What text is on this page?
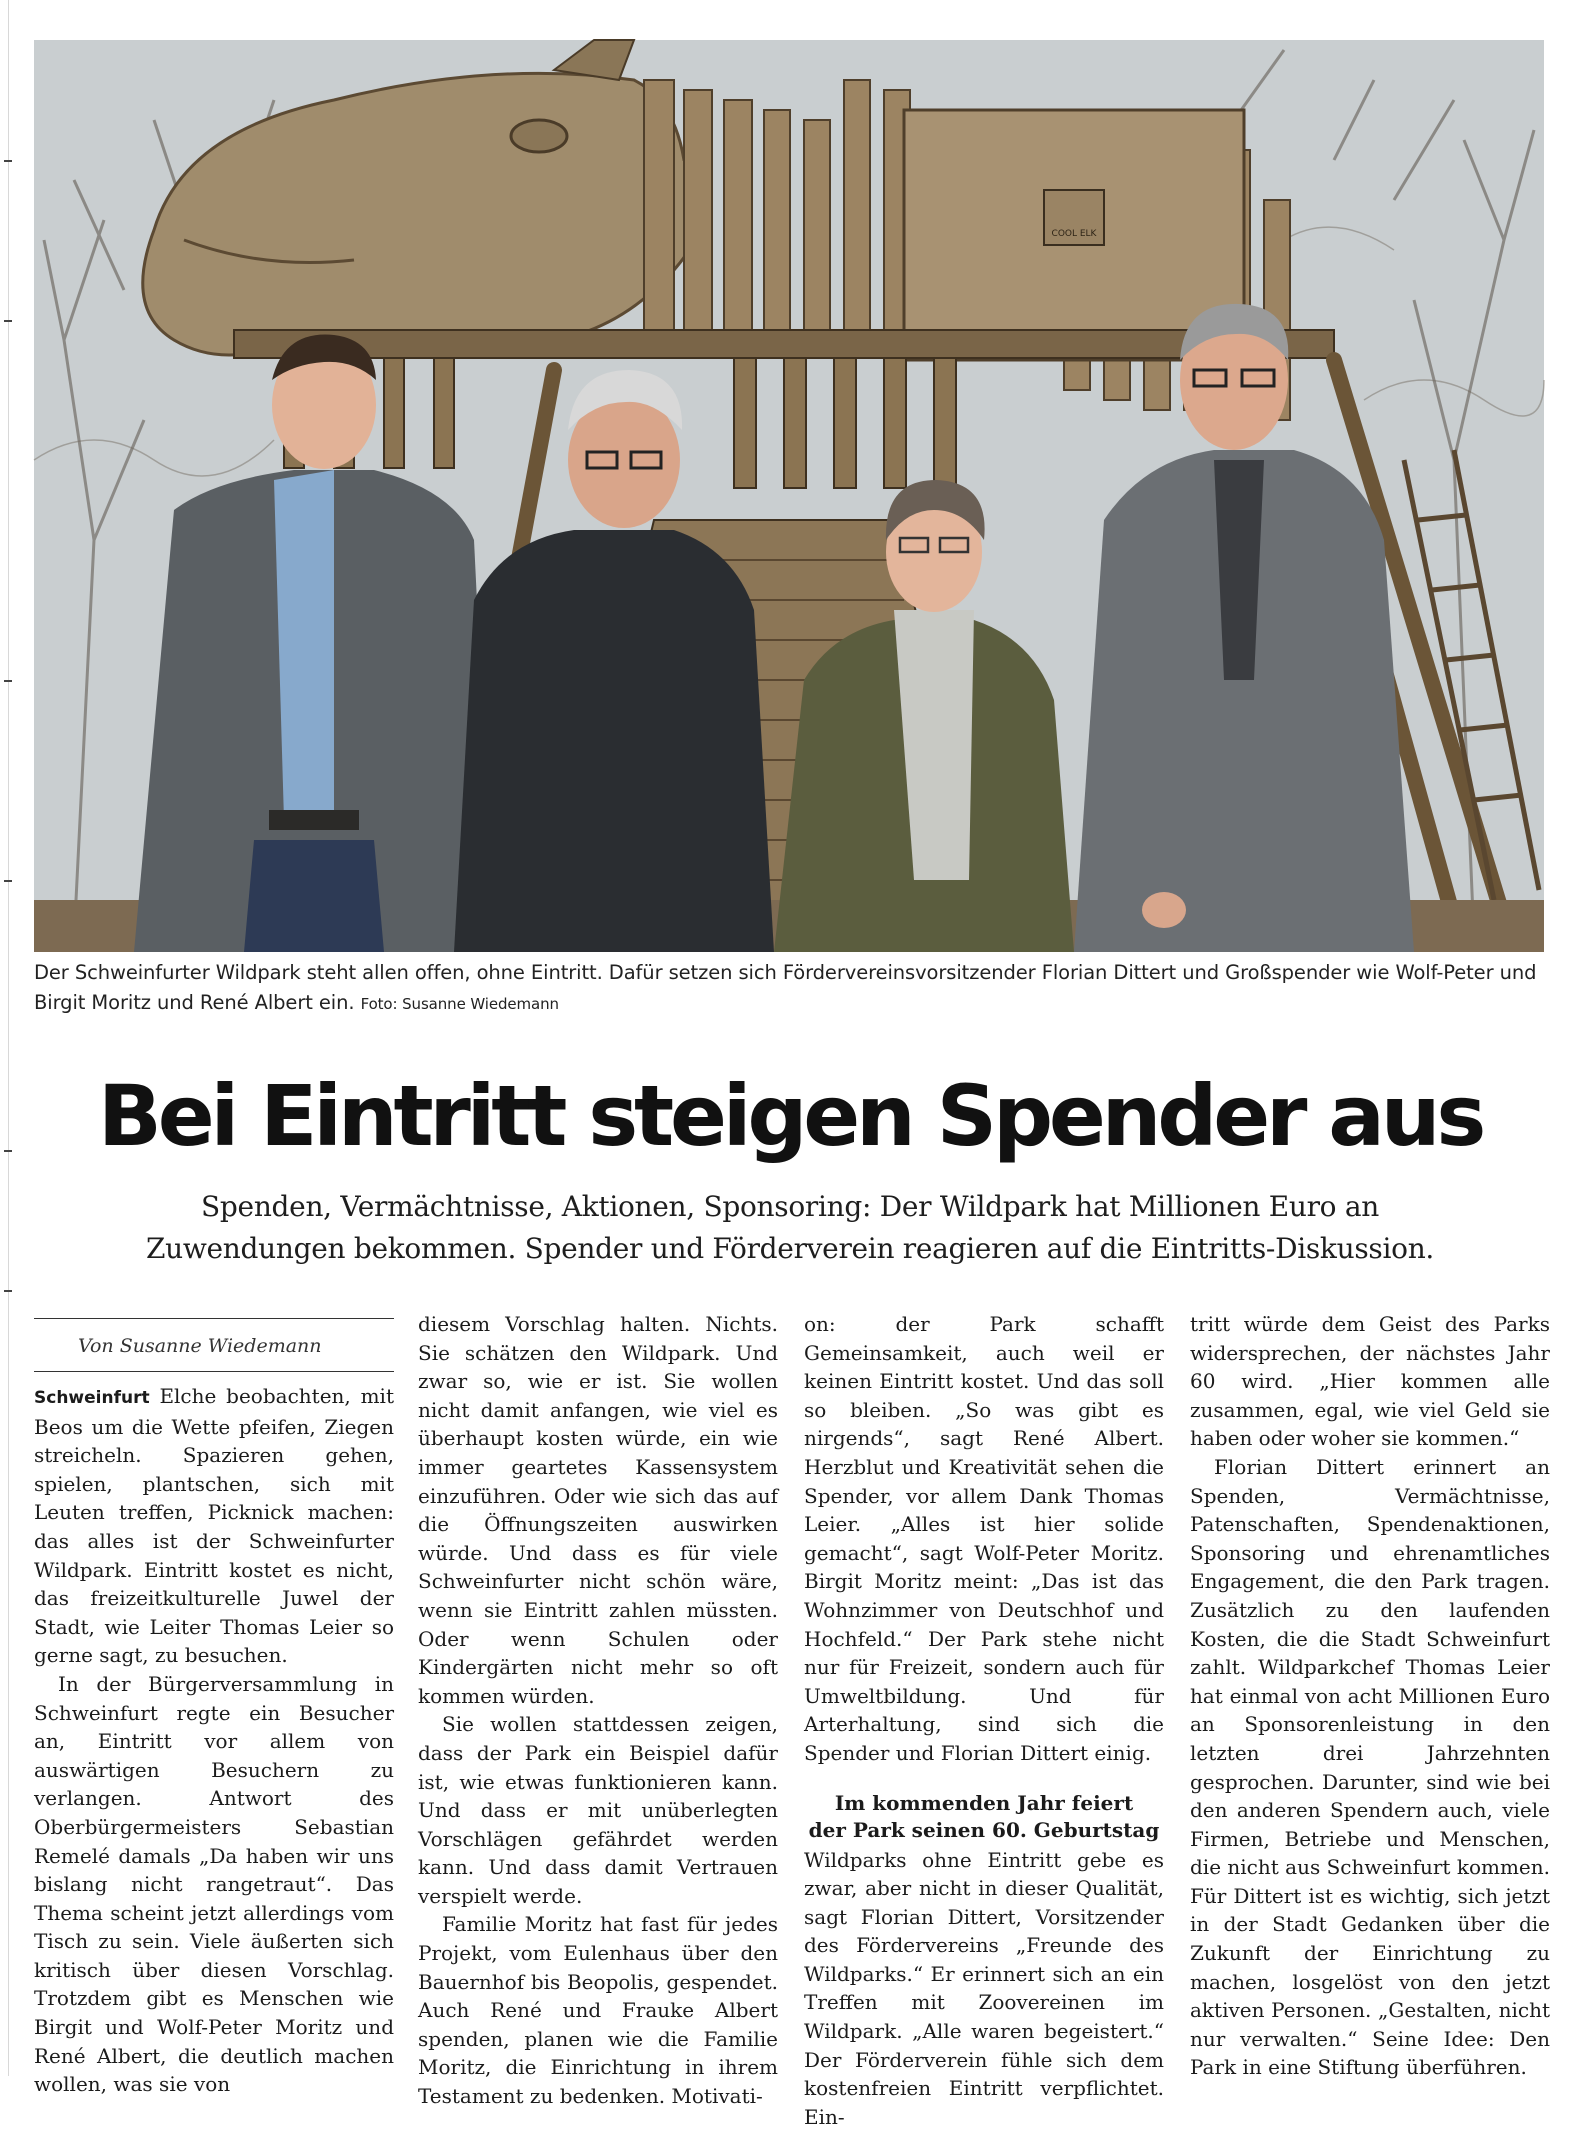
COOL ELK
Der Schweinfurter Wildpark steht allen offen, ohne Eintritt. Dafür setzen sich Fördervereinsvorsitzender Florian Dittert und Großspender wie Wolf-Peter und
Birgit Moritz und René Albert ein. Foto: Susanne Wiedemann
Bei Eintritt steigen Spender aus
Spenden, Vermächtnisse, Aktionen, Sponsoring: Der Wildpark hat Millionen Euro an
Zuwendungen bekommen. Spender und Förderverein reagieren auf die Eintritts-Diskussion.
Von Susanne Wiedemann

Schweinfurt Elche beobachten, mit Beos um die Wette pfeifen, Ziegen streicheln. Spazieren gehen, spielen, plantschen, sich mit Leuten treffen, Picknick machen: das alles ist der Schweinfurter Wildpark. Eintritt kostet es nicht, das freizeitkulturelle Juwel der Stadt, wie Leiter Thomas Leier so gerne sagt, zu besuchen.

In der Bürgerversammlung in Schweinfurt regte ein Besucher an, Eintritt vor allem von auswärtigen Besuchern zu verlangen. Antwort des Oberbürgermeisters Sebastian Remelé damals „Da haben wir uns bislang nicht rangetraut“. Das Thema scheint jetzt allerdings vom Tisch zu sein. Viele äußerten sich kritisch über diesen Vorschlag. Trotzdem gibt es Menschen wie Birgit und Wolf-Peter Moritz und René Albert, die deutlich machen wollen, was sie von

diesem Vorschlag halten. Nichts. Sie schätzen den Wildpark. Und zwar so, wie er ist. Sie wollen nicht damit anfangen, wie viel es überhaupt kosten würde, ein wie immer geartetes Kassensystem einzuführen. Oder wie sich das auf die Öffnungszeiten auswirken würde. Und dass es für viele Schweinfurter nicht schön wäre, wenn sie Eintritt zahlen müssten. Oder wenn Schulen oder Kindergärten nicht mehr so oft kommen würden.

Sie wollen stattdessen zeigen, dass der Park ein Beispiel dafür ist, wie etwas funktionieren kann. Und dass er mit unüberlegten Vorschlägen gefährdet werden kann. Und dass damit Vertrauen verspielt werde.

Familie Moritz hat fast für jedes Projekt, vom Eulenhaus über den Bauernhof bis Beopolis, gespendet. Auch René und Frauke Albert spenden, planen wie die Familie Moritz, die Einrichtung in ihrem Testament zu bedenken. Motivati-

on: der Park schafft Gemeinsamkeit, auch weil er keinen Eintritt kostet. Und das soll so bleiben. „So was gibt es nirgends“, sagt René Albert. Herzblut und Kreativität sehen die Spender, vor allem Dank Thomas Leier. „Alles ist hier solide gemacht“, sagt Wolf-Peter Moritz. Birgit Moritz meint: „Das ist das Wohnzimmer von Deutschhof und Hochfeld.“ Der Park stehe nicht nur für Freizeit, sondern auch für Umweltbildung. Und für Arterhaltung, sind sich die Spender und Florian Dittert einig.

Im kommenden Jahr feiert
der Park seinen 60. Geburtstag

Wildparks ohne Eintritt gebe es zwar, aber nicht in dieser Qualität, sagt Florian Dittert, Vorsitzender des Fördervereins „Freunde des Wildparks.“ Er erinnert sich an ein Treffen mit Zoovereinen im Wildpark. „Alle waren begeistert.“ Der Förderverein fühle sich dem kostenfreien Eintritt verpflichtet. Ein-

tritt würde dem Geist des Parks widersprechen, der nächstes Jahr 60 wird. „Hier kommen alle zusammen, egal, wie viel Geld sie haben oder woher sie kommen.“

Florian Dittert erinnert an Spenden, Vermächtnisse, Patenschaften, Spendenaktionen, Sponsoring und ehrenamtliches Engagement, die den Park tragen. Zusätzlich zu den laufenden Kosten, die die Stadt Schweinfurt zahlt. Wildparkchef Thomas Leier hat einmal von acht Millionen Euro an Sponsorenleistung in den letzten drei Jahrzehnten gesprochen. Darunter, sind wie bei den anderen Spendern auch, viele Firmen, Betriebe und Menschen, die nicht aus Schweinfurt kommen. Für Dittert ist es wichtig, sich jetzt in der Stadt Gedanken über die Zukunft der Einrichtung zu machen, losgelöst von den jetzt aktiven Personen. „Gestalten, nicht nur verwalten.“ Seine Idee: Den Park in eine Stiftung überführen.
